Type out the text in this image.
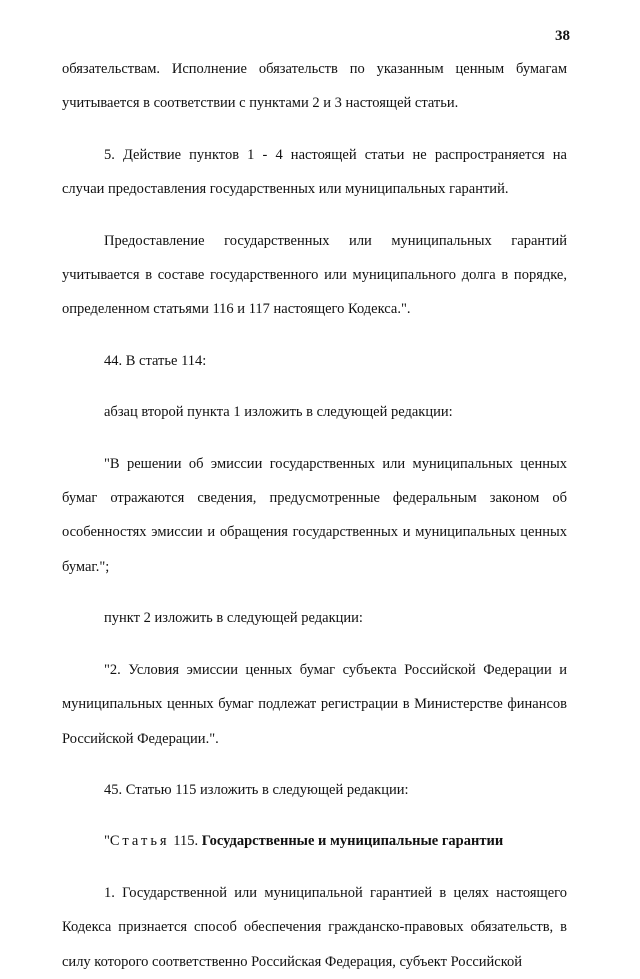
38

обязательствам. Исполнение обязательств по указанным ценным бумагам учитывается в соответствии с пунктами 2 и 3 настоящей статьи.

5. Действие пунктов 1 - 4 настоящей статьи не распространяется на случаи предоставления государственных или муниципальных гарантий.

Предоставление государственных или муниципальных гарантий учитывается в составе государственного или муниципального долга в порядке, определенном статьями 116 и 117 настоящего Кодекса.".

44. В статье 114:

абзац второй пункта 1 изложить в следующей редакции:

"В решении об эмиссии государственных или муниципальных ценных бумаг отражаются сведения, предусмотренные федеральным законом об особенностях эмиссии и обращения государственных и муниципальных ценных бумаг.";

пункт 2 изложить в следующей редакции:

"2. Условия эмиссии ценных бумаг субъекта Российской Федерации и муниципальных ценных бумаг подлежат регистрации в Министерстве финансов Российской Федерации.".

45. Статью 115 изложить в следующей редакции:

"Статья 115. Государственные и муниципальные гарантии

1. Государственной или муниципальной гарантией в целях настоящего Кодекса признается способ обеспечения гражданско-правовых обязательств, в силу которого соответственно Российская Федерация, субъект Российской
